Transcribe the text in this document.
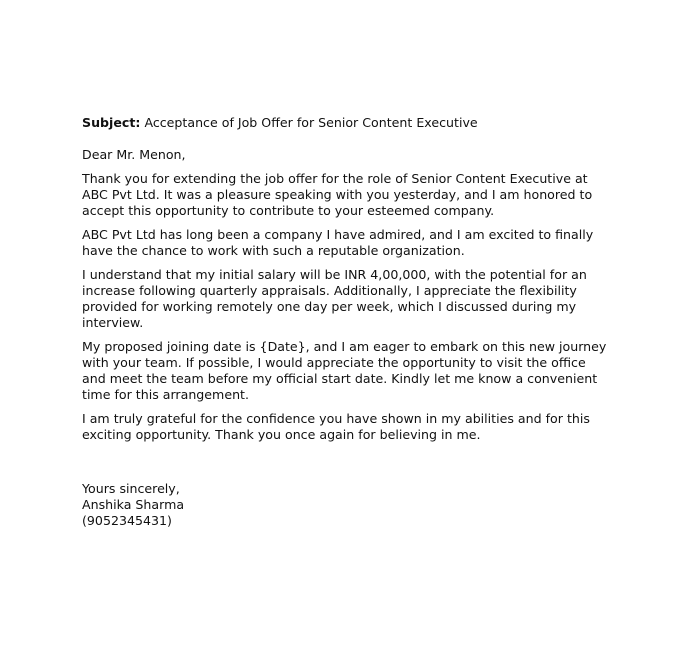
Subject: Acceptance of Job Offer for Senior Content Executive
Dear Mr. Menon,
Thank you for extending the job offer for the role of Senior Content Executive at
ABC Pvt Ltd. It was a pleasure speaking with you yesterday, and I am honored to
accept this opportunity to contribute to your esteemed company.
ABC Pvt Ltd has long been a company I have admired, and I am excited to finally
have the chance to work with such a reputable organization.
I understand that my initial salary will be INR 4,00,000, with the potential for an
increase following quarterly appraisals. Additionally, I appreciate the flexibility
provided for working remotely one day per week, which I discussed during my
interview.
My proposed joining date is {Date}, and I am eager to embark on this new journey
with your team. If possible, I would appreciate the opportunity to visit the office
and meet the team before my official start date. Kindly let me know a convenient
time for this arrangement.
I am truly grateful for the confidence you have shown in my abilities and for this
exciting opportunity. Thank you once again for believing in me.
Yours sincerely,
Anshika Sharma
(9052345431)
